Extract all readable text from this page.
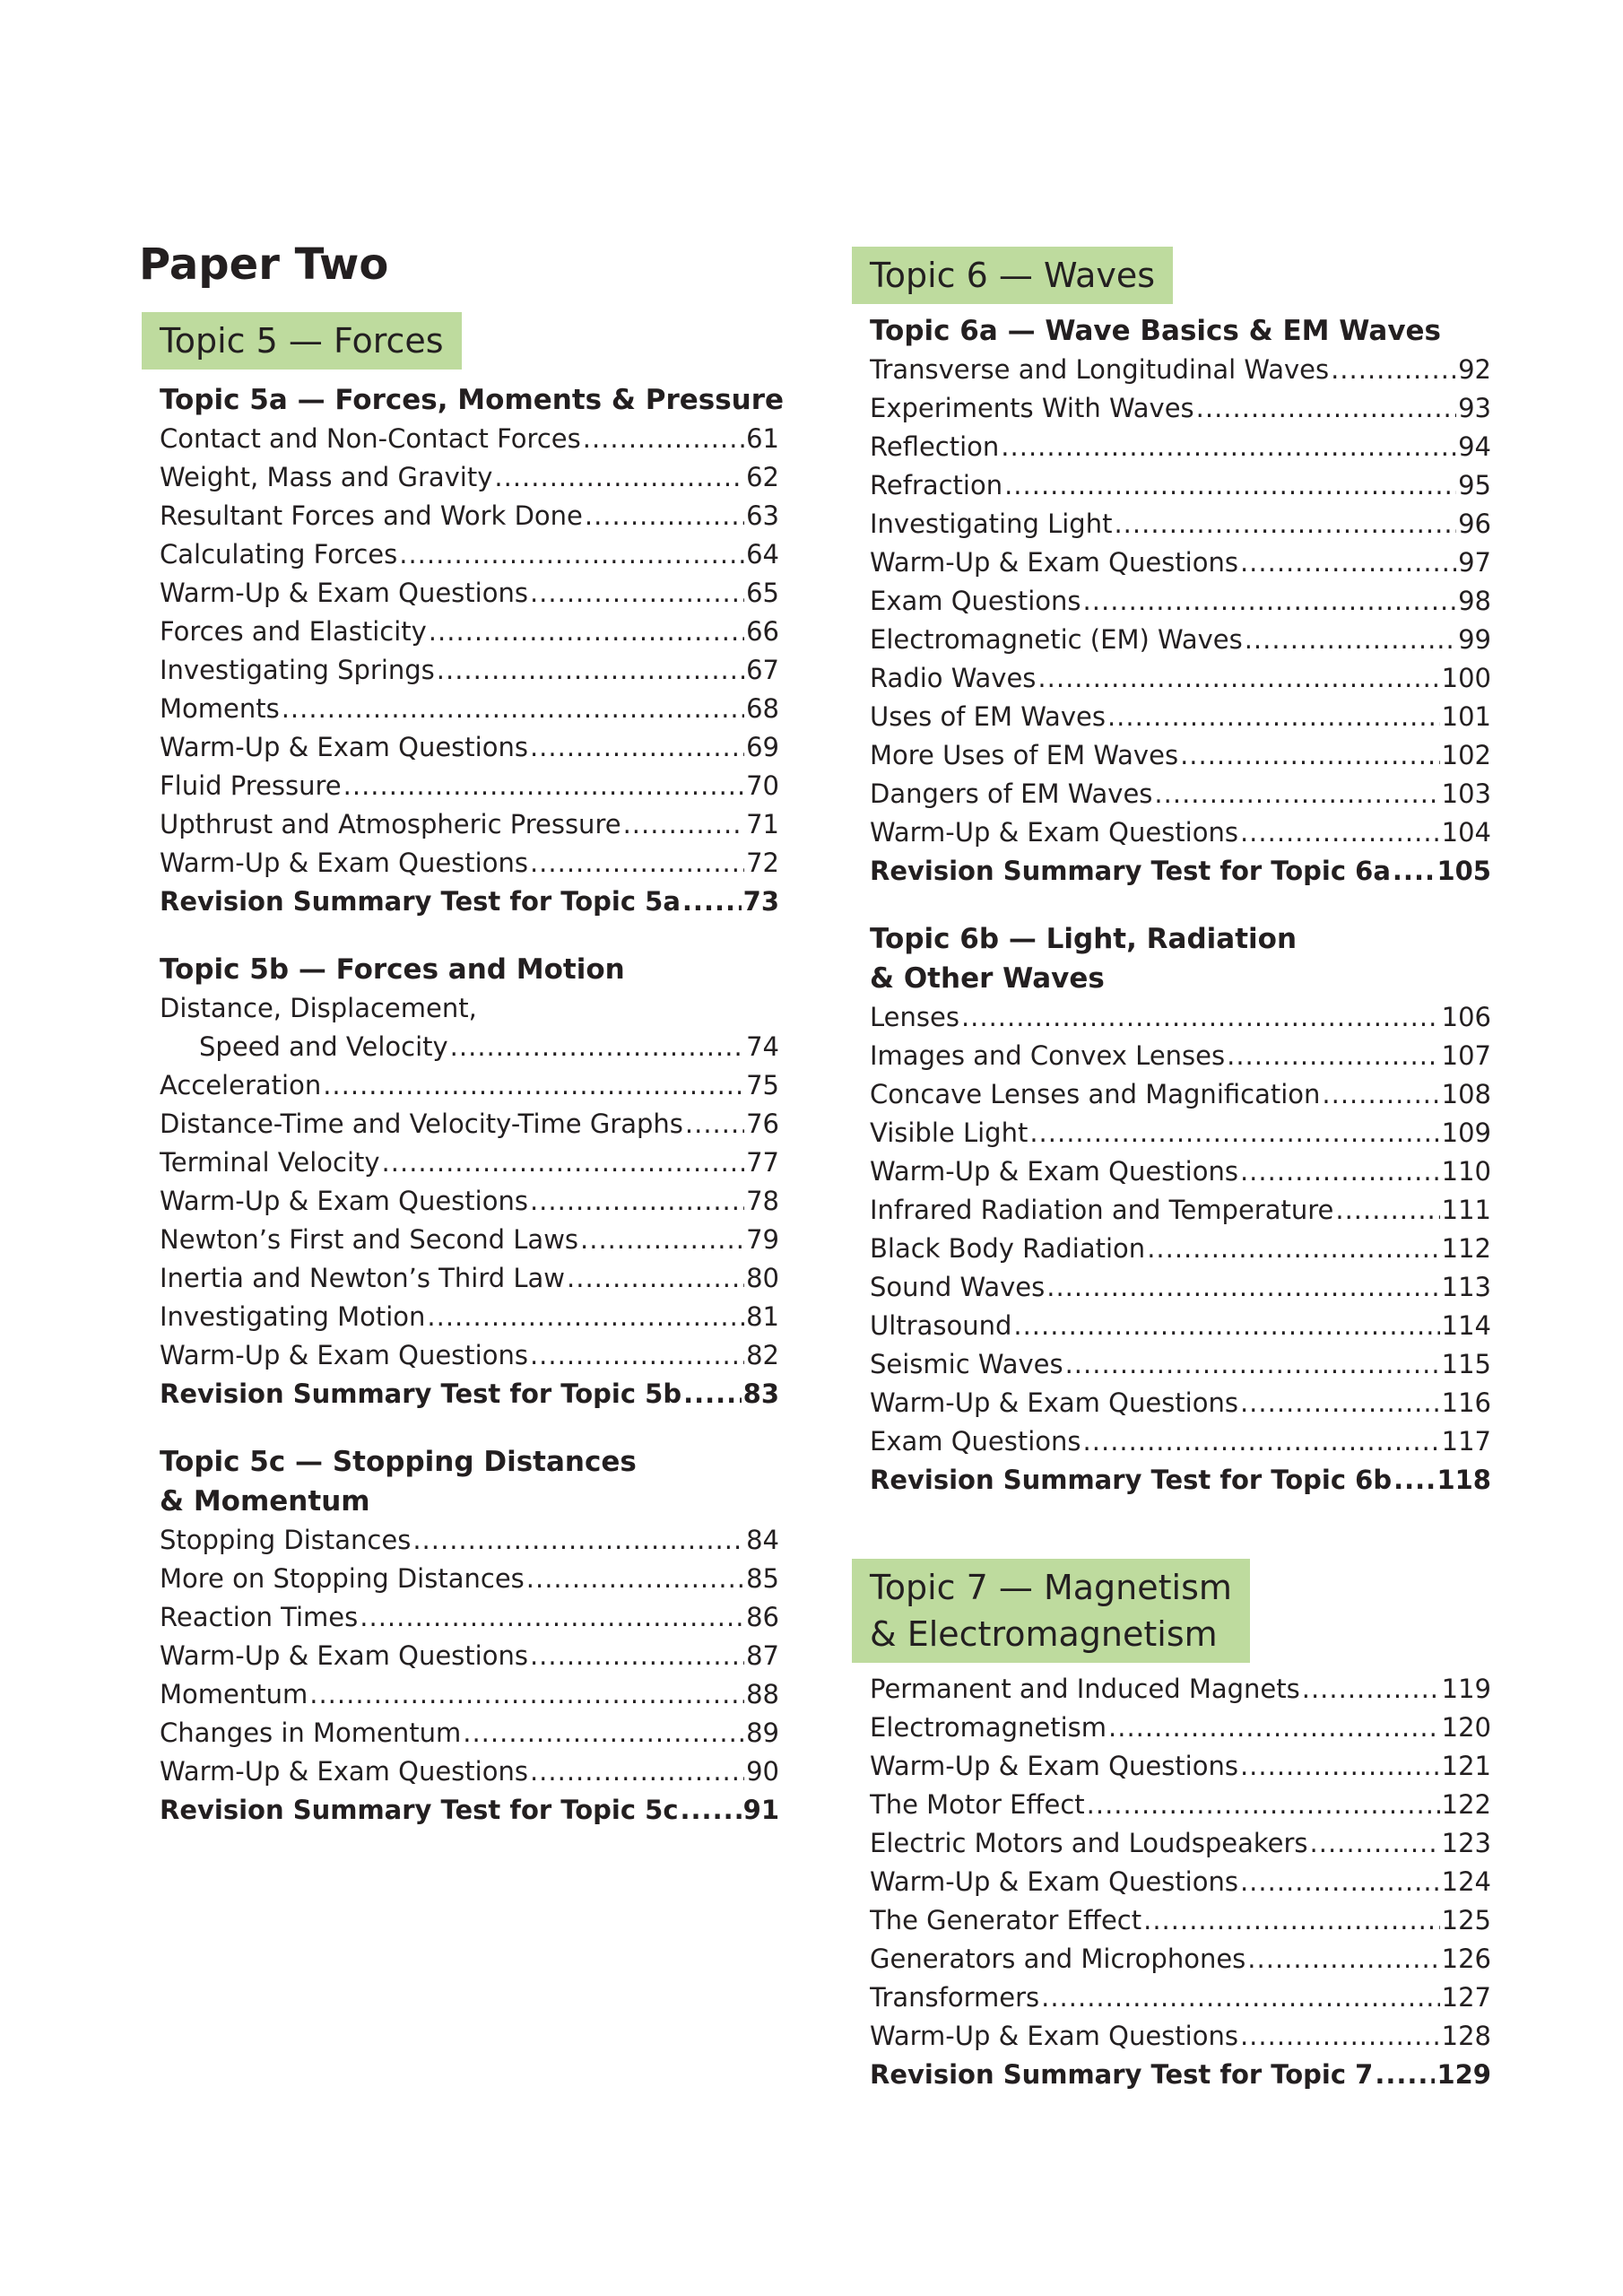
Paper Two
Topic 5 — Forces
Topic 5a — Forces, Moments & Pressure
Contact and Non-Contact Forces .....	61
Weight, Mass and Gravity .....	62
Resultant Forces and Work Done .....	63
Calculating Forces .....	64
Warm-Up & Exam Questions .....	65
Forces and Elasticity .....	66
Investigating Springs .....	67
Moments .....	68
Warm-Up & Exam Questions .....	69
Fluid Pressure .....	70
Upthrust and Atmospheric Pressure .....	71
Warm-Up & Exam Questions .....	72
Revision Summary Test for Topic 5a ..... 73
Topic 5b — Forces and Motion
Distance, Displacement,
Speed and Velocity .....	74
Acceleration .....	75
Distance-Time and Velocity-Time Graphs ..... 76
Terminal Velocity .....	77
Warm-Up & Exam Questions .....	78
Newton’s First and Second Laws .....	79
Inertia and Newton’s Third Law .....	80
Investigating Motion .....	81
Warm-Up & Exam Questions .....	82
Revision Summary Test for Topic 5b ..... 83
Topic 5c — Stopping Distances
& Momentum
Stopping Distances .....	84
More on Stopping Distances .....	85
Reaction Times .....	86
Warm-Up & Exam Questions .....	87
Momentum .....	88
Changes in Momentum .....	89
Warm-Up & Exam Questions .....	90
Revision Summary Test for Topic 5c ..... 91
Topic 6 — Waves
Topic 6a — Wave Basics & EM Waves
Transverse and Longitudinal Waves .....	92
Experiments With Waves .....	93
Reflection .....	94
Refraction .....	95
Investigating Light .....	96
Warm-Up & Exam Questions .....	97
Exam Questions .....	98
Electromagnetic (EM) Waves .....	99
Radio Waves .....	100
Uses of EM Waves .....	101
More Uses of EM Waves .....	102
Dangers of EM Waves .....	103
Warm-Up & Exam Questions .....	104
Revision Summary Test for Topic 6a ..... 105
Topic 6b — Light, Radiation
& Other Waves
Lenses .....	106
Images and Convex Lenses .....	107
Concave Lenses and Magnification .....	108
Visible Light .....	109
Warm-Up & Exam Questions .....	110
Infrared Radiation and Temperature .....	111
Black Body Radiation .....	112
Sound Waves .....	113
Ultrasound .....	114
Seismic Waves .....	115
Warm-Up & Exam Questions .....	116
Exam Questions .....	117
Revision Summary Test for Topic 6b ..... 118
Topic 7 — Magnetism
& Electromagnetism
Permanent and Induced Magnets .....	119
Electromagnetism .....	120
Warm-Up & Exam Questions .....	121
The Motor Effect .....	122
Electric Motors and Loudspeakers .....	123
Warm-Up & Exam Questions .....	124
The Generator Effect .....	125
Generators and Microphones .....	126
Transformers .....	127
Warm-Up & Exam Questions .....	128
Revision Summary Test for Topic 7 ..... 129
